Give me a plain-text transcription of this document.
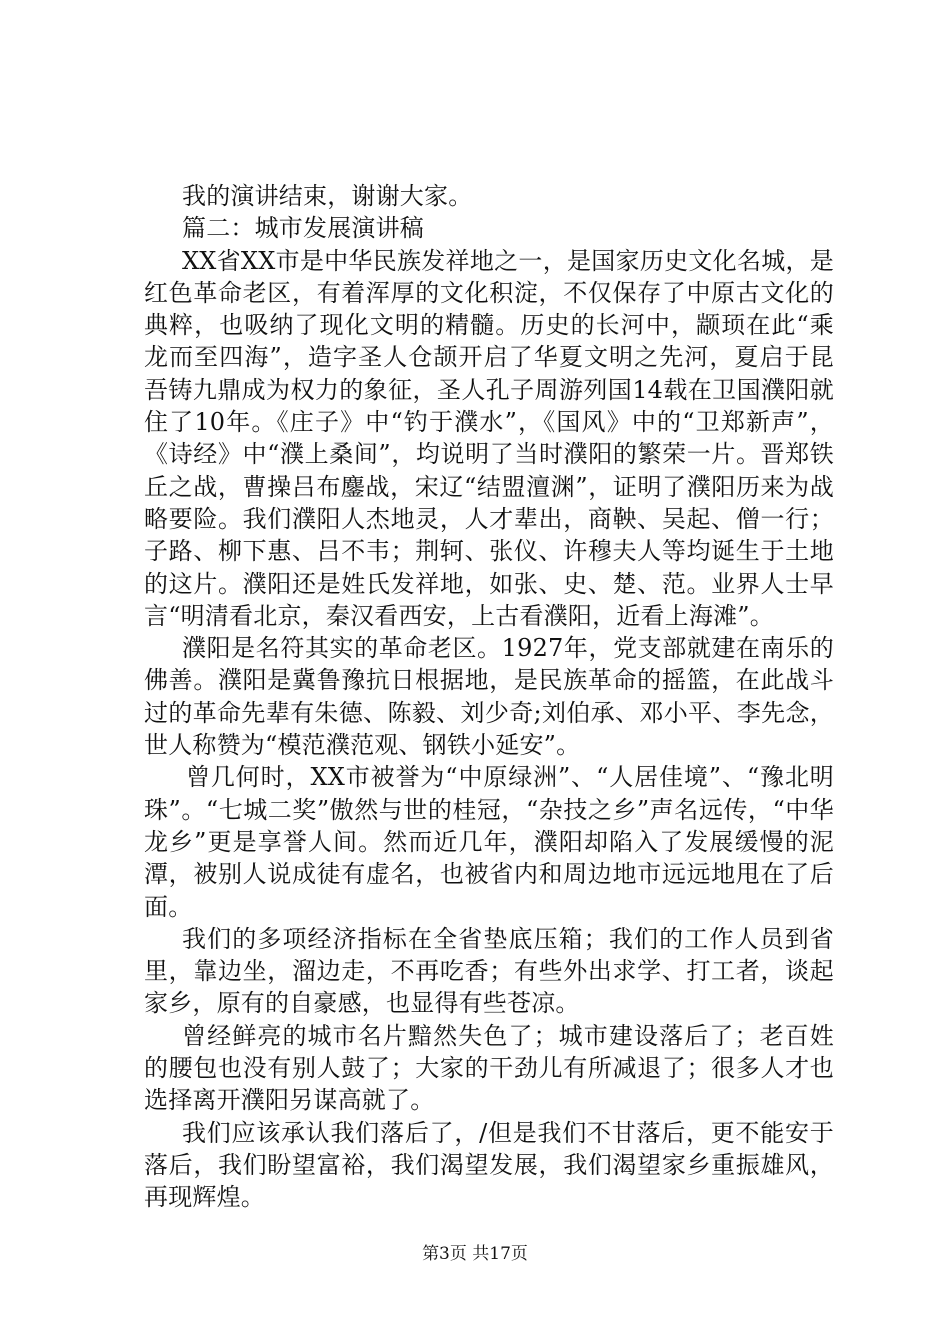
我的演讲结束，谢谢大家。

篇二：城市发展演讲稿

XX省XX市是中华民族发祥地之一，是国家历史文化名城，是红色革命老区，有着浑厚的文化积淀，不仅保存了中原古文化的典粹，也吸纳了现化文明的精髓。历史的长河中，颛顼在此“乘龙而至四海”，造字圣人仓颉开启了华夏文明之先河，夏启于昆吾铸九鼎成为权力的象征，圣人孔子周游列国14载在卫国濮阳就住了10年。《庄子》中“钓于濮水”，《国风》中的“卫郑新声”，《诗经》中“濮上桑间”，均说明了当时濮阳的繁荣一片。晋郑铁丘之战，曹操吕布鏖战，宋辽“结盟澶渊”，证明了濮阳历来为战略要险。我们濮阳人杰地灵，人才辈出，商鞅、吴起、僧一行；子路、柳下惠、吕不韦；荆轲、张仪、许穆夫人等均诞生于土地的这片。濮阳还是姓氏发祥地，如张、史、楚、范。业界人士早言“明清看北京，秦汉看西安，上古看濮阳，近看上海滩”。

濮阳是名符其实的革命老区。1927年，党支部就建在南乐的佛善。濮阳是冀鲁豫抗日根据地，是民族革命的摇篮，在此战斗过的革命先辈有朱德、陈毅、刘少奇;刘伯承、邓小平、李先念，世人称赞为“模范濮范观、钢铁小延安”。

曾几何时，XX市被誉为“中原绿洲”、“人居佳境”、“豫北明珠”。“七城二奖”傲然与世的桂冠，“杂技之乡”声名远传，“中华龙乡”更是享誉人间。然而近几年，濮阳却陷入了发展缓慢的泥潭，被别人说成徒有虚名，也被省内和周边地市远远地甩在了后面。

我们的多项经济指标在全省垫底压箱；我们的工作人员到省里，靠边坐，溜边走，不再吃香；有些外出求学、打工者，谈起家乡，原有的自豪感，也显得有些苍凉。

曾经鲜亮的城市名片黯然失色了；城市建设落后了；老百姓的腰包也没有别人鼓了；大家的干劲儿有所减退了；很多人才也选择离开濮阳另谋高就了。

我们应该承认我们落后了，/但是我们不甘落后，更不能安于落后，我们盼望富裕，我们渴望发展，我们渴望家乡重振雄风，再现辉煌。

第3页 共17页
